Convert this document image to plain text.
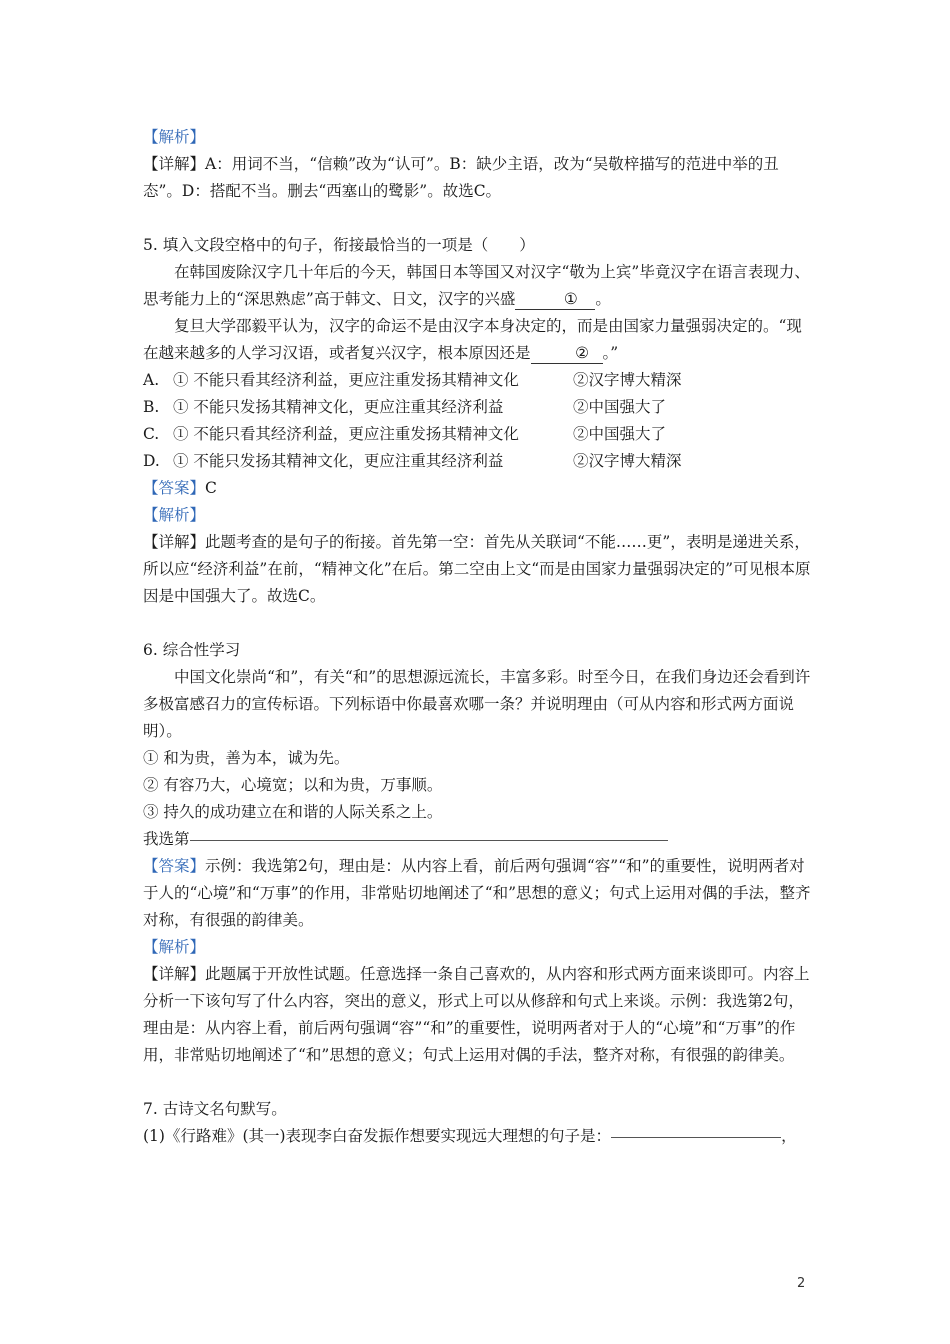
【解析】

【详解】A：用词不当，“信赖”改为“认可”。B：缺少主语，改为“吴敬梓描写的范进中举的丑态”。D：搭配不当。删去“西塞山的鹭影”。故选C。

5. 填入文段空格中的句子，衔接最恰当的一项是（　　）

在韩国废除汉字几十年后的今天，韩国日本等国又对汉字“敬为上宾”毕竟汉字在语言表现力、思考能力上的“深思熟虑”高于韩文、日文，汉字的兴盛	① 。

复旦大学邵毅平认为，汉字的命运不是由汉字本身决定的，而是由国家力量强弱决定的。“现在越来越多的人学习汉语，或者复兴汉字，根本原因还是	② 。”

A. ① 不能只看其经济利益，更应注重发扬其精神文化	②汉字博大精深
B. ① 不能只发扬其精神文化，更应注重其经济利益	②中国强大了
C. ① 不能只看其经济利益，更应注重发扬其精神文化	②中国强大了
D. ① 不能只发扬其精神文化，更应注重其经济利益	②汉字博大精深

【答案】C

【解析】

【详解】此题考查的是句子的衔接。首先第一空：首先从关联词“不能……更”，表明是递进关系，所以应“经济利益”在前，“精神文化”在后。第二空由上文“而是由国家力量强弱决定的”可见根本原因是中国强大了。故选C。

6. 综合性学习

中国文化崇尚“和”，有关“和”的思想源远流长，丰富多彩。时至今日，在我们身边还会看到许多极富感召力的宣传标语。下列标语中你最喜欢哪一条？并说明理由（可从内容和形式两方面说明）。

① 和为贵，善为本，诚为先。

② 有容乃大，心境宽；以和为贵，万事顺。

③ 持久的成功建立在和谐的人际关系之上。

我选第

【答案】示例：我选第2句，理由是：从内容上看，前后两句强调“容”“和”的重要性，说明两者对于人的“心境”和“万事”的作用，非常贴切地阐述了“和”思想的意义；句式上运用对偶的手法，整齐对称，有很强的韵律美。

【解析】

【详解】此题属于开放性试题。任意选择一条自己喜欢的，从内容和形式两方面来谈即可。内容上分析一下该句写了什么内容，突出的意义，形式上可以从修辞和句式上来谈。示例：我选第2句，理由是：从内容上看，前后两句强调“容”“和”的重要性，说明两者对于人的“心境”和“万事”的作用，非常贴切地阐述了“和”思想的意义；句式上运用对偶的手法，整齐对称，有很强的韵律美。

7. 古诗文名句默写。

(1)《行路难》(其一)表现李白奋发振作想要实现远大理想的句子是：	，

2
